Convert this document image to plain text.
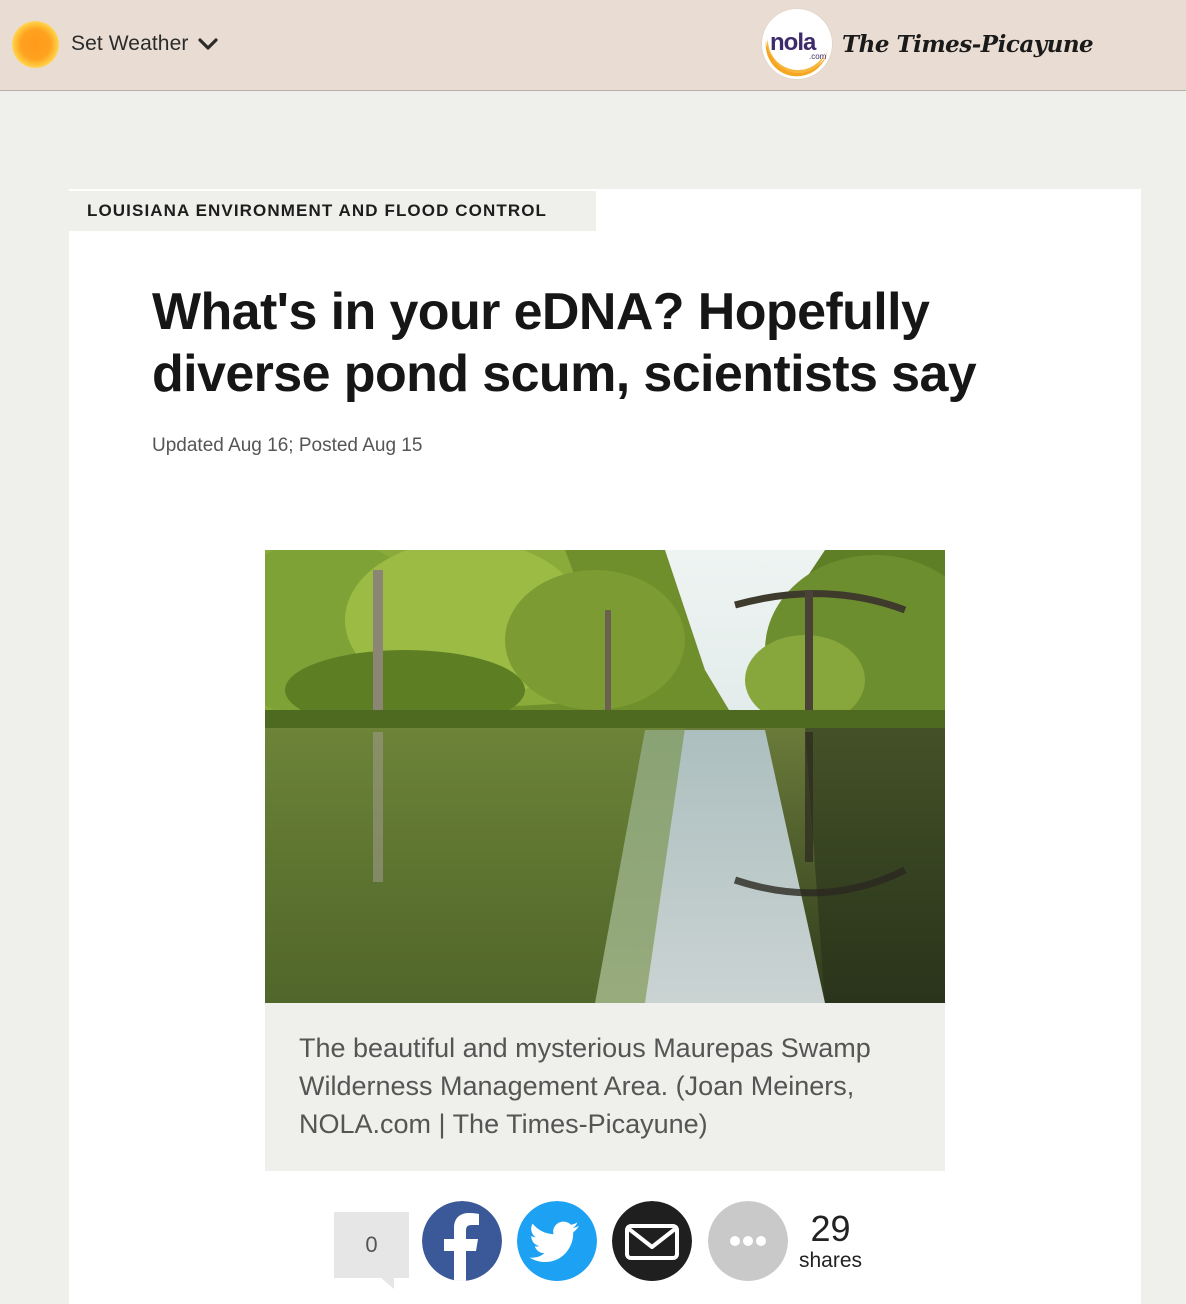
Set Weather	nola
.com The Times-Picayune
LOUISIANA ENVIRONMENT AND FLOOD CONTROL
What's in your eDNA? Hopefully diverse pond scum, scientists say
Updated Aug 16; Posted Aug 15

The beautiful and mysterious Maurepas Swamp Wilderness Management Area. (Joan Meiners, NOLA.com | The Times-Picayune)

0	29
shares
